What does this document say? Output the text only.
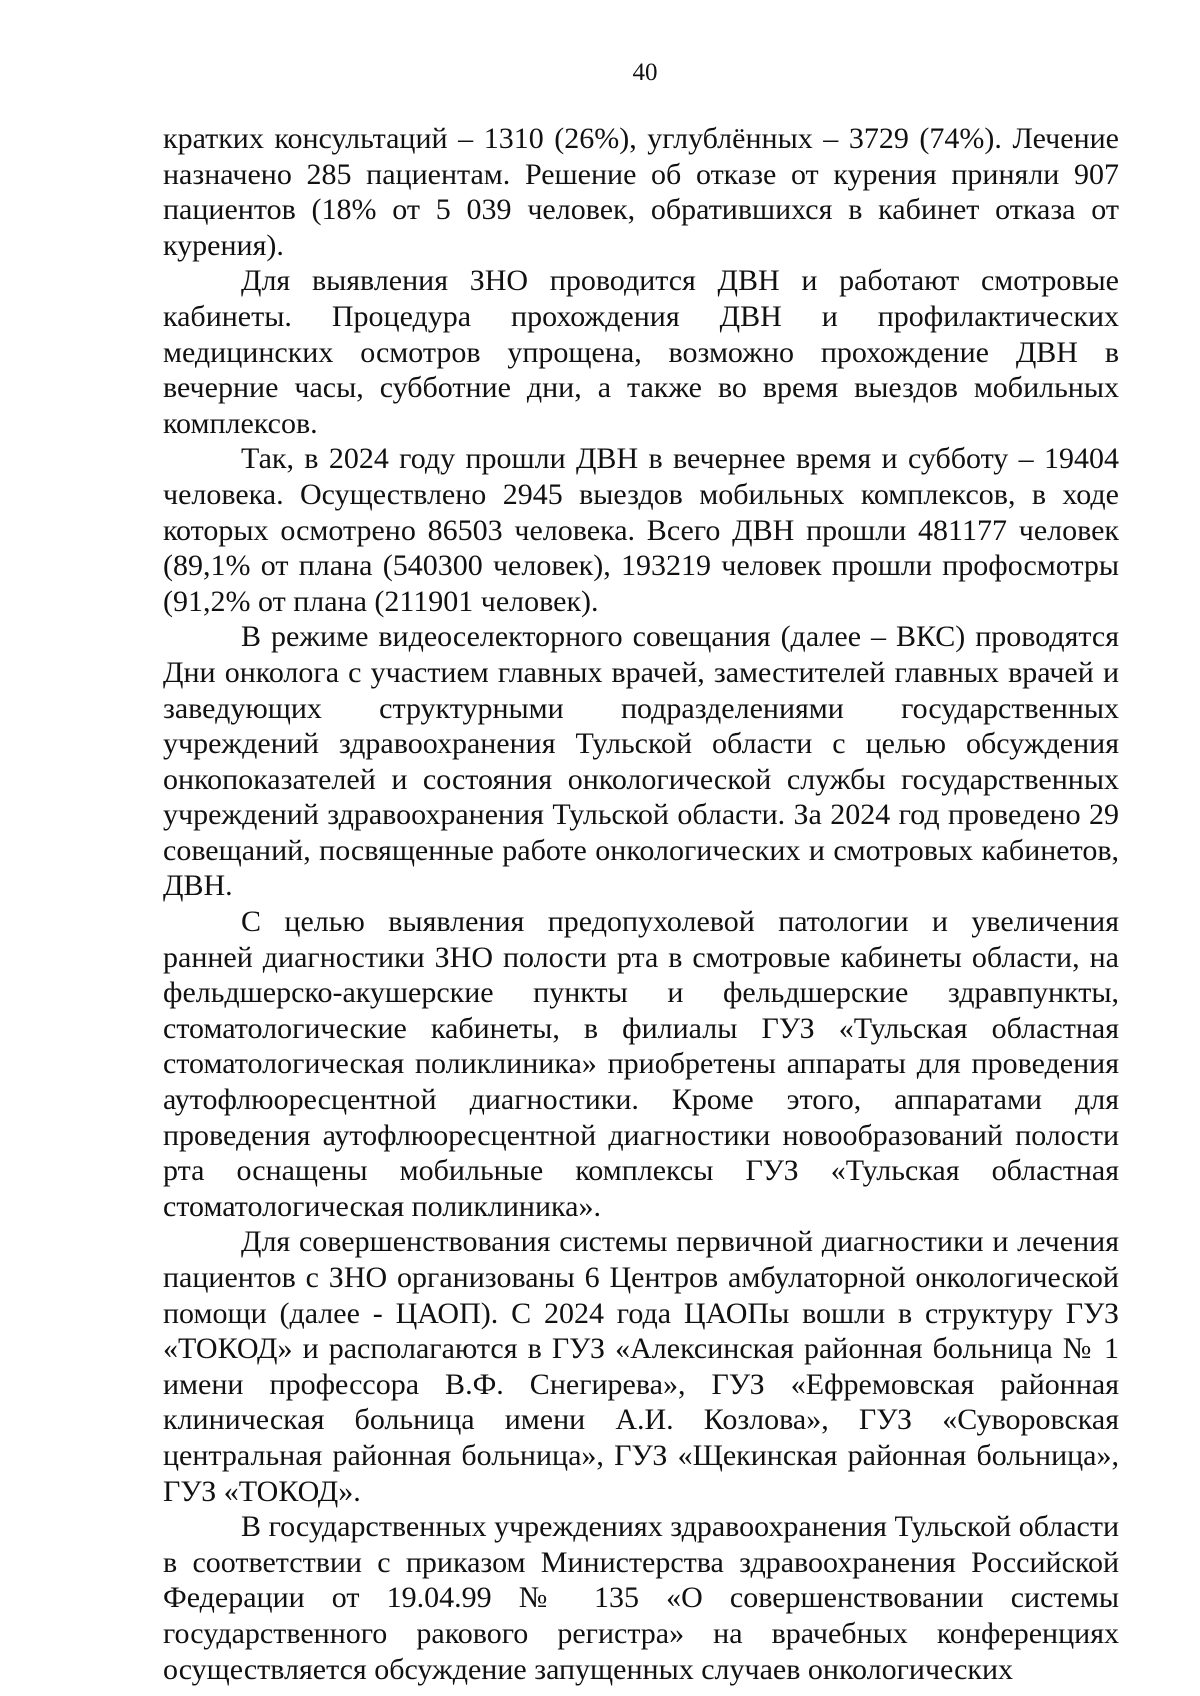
40

кратких консультаций – 1310 (26%), углублённых – 3729 (74%). Лечение назначено 285 пациентам. Решение об отказе от курения приняли 907 пациентов (18% от 5 039 человек, обратившихся в кабинет отказа от курения).

Для выявления ЗНО проводится ДВН и работают смотровые кабинеты. Процедура прохождения ДВН и профилактических медицинских осмотров упрощена, возможно прохождение ДВН в вечерние часы, субботние дни, а также во время выездов мобильных комплексов.

Так, в 2024 году прошли ДВН в вечернее время и субботу – 19404 человека. Осуществлено 2945 выездов мобильных комплексов, в ходе которых осмотрено 86503 человека. Всего ДВН прошли 481177 человек (89,1% от плана (540300 человек), 193219 человек прошли профосмотры (91,2% от плана (211901 человек).

В режиме видеоселекторного совещания (далее – ВКС) проводятся Дни онколога с участием главных врачей, заместителей главных врачей и заведующих структурными подразделениями государственных учреждений здравоохранения Тульской области с целью обсуждения онкопоказателей и состояния онкологической службы государственных учреждений здравоохранения Тульской области. За 2024 год проведено 29 совещаний, посвященные работе онкологических и смотровых кабинетов, ДВН.

С целью выявления предопухолевой патологии и увеличения ранней диагностики ЗНО полости рта в смотровые кабинеты области, на фельдшерско-акушерские пункты и фельдшерские здравпункты, стоматологические кабинеты, в филиалы ГУЗ «Тульская областная стоматологическая поликлиника» приобретены аппараты для проведения аутофлюоресцентной диагностики. Кроме этого, аппаратами для проведения аутофлюоресцентной диагностики новообразований полости рта оснащены мобильные комплексы ГУЗ «Тульская областная стоматологическая поликлиника».

Для совершенствования системы первичной диагностики и лечения пациентов с ЗНО организованы 6 Центров амбулаторной онкологической помощи (далее - ЦАОП). С 2024 года ЦАОПы вошли в структуру ГУЗ «ТОКОД» и располагаются в ГУЗ «Алексинская районная больница № 1 имени профессора В.Ф. Снегирева», ГУЗ «Ефремовская районная клиническая больница имени А.И. Козлова», ГУЗ «Суворовская центральная районная больница», ГУЗ «Щекинская районная больница», ГУЗ «ТОКОД».

В государственных учреждениях здравоохранения Тульской области в соответствии с приказом Министерства здравоохранения Российской Федерации от 19.04.99 № 135 «О совершенствовании системы государственного ракового регистра» на врачебных конференциях осуществляется обсуждение запущенных случаев онкологических
